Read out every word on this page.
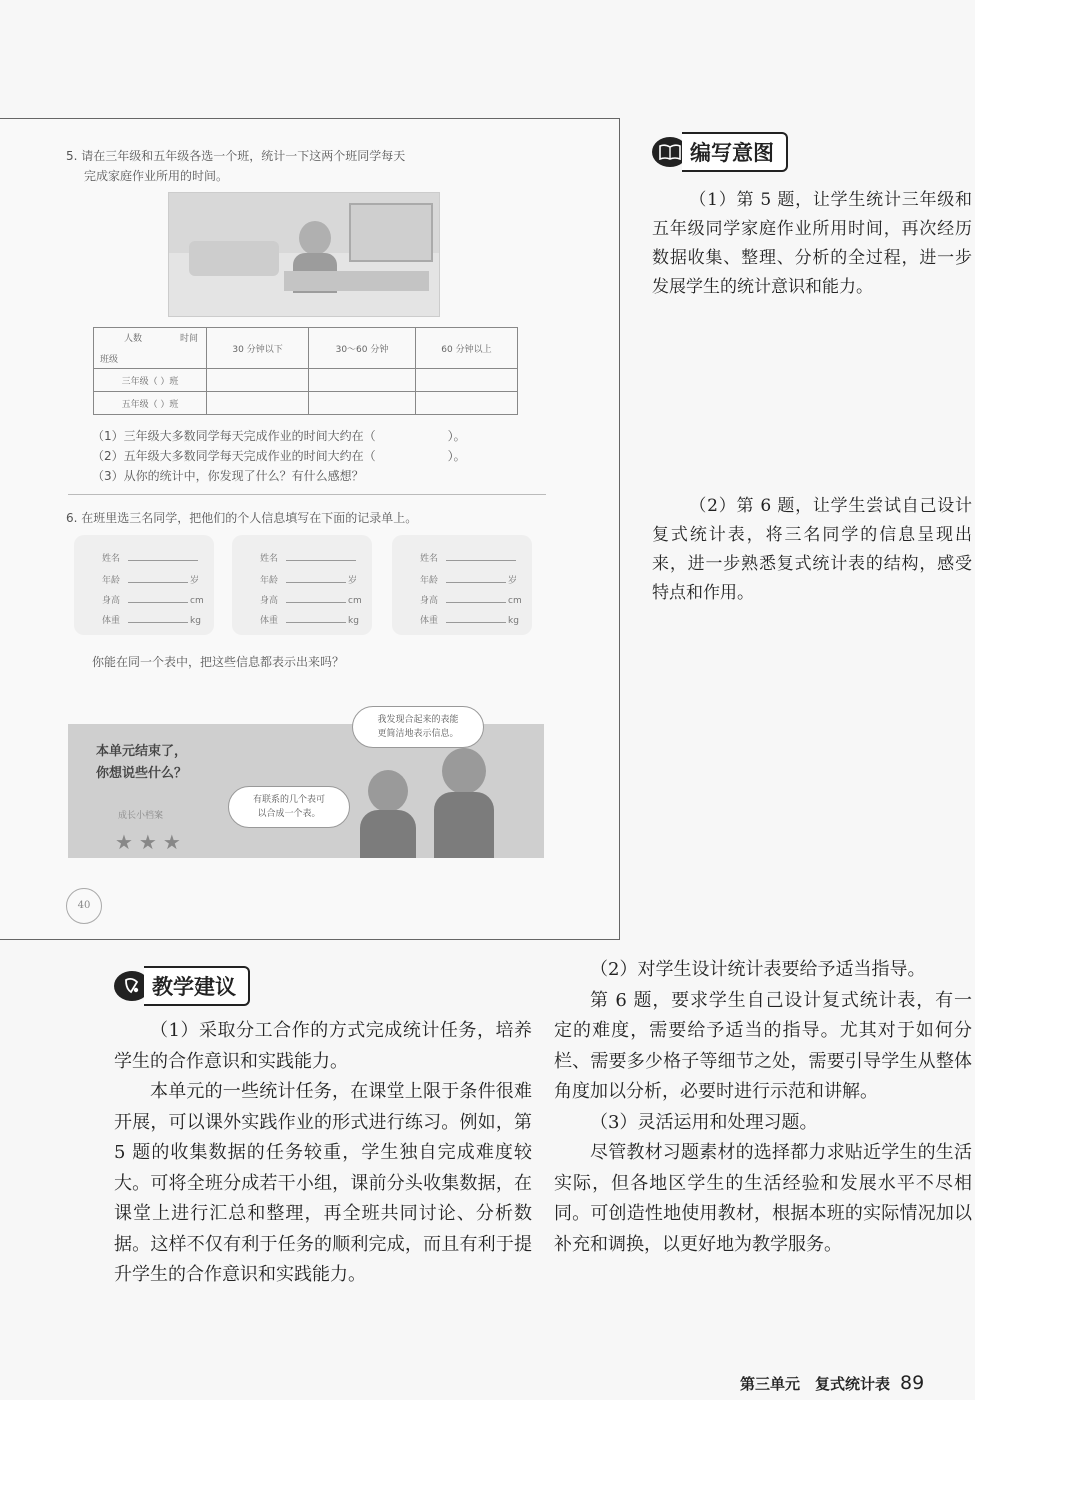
5. 请在三年级和五年级各选一个班，统计一下这两个班同学每天
完成家庭作业所用的时间。
人数 时间
班级	30 分钟以下	30～60 分钟	60 分钟以上
三年级（ ）班			
五年级（ ）班			
（1）三年级大多数同学每天完成作业的时间大约在（　　　　　　）。
（2）五年级大多数同学每天完成作业的时间大约在（　　　　　　）。
（3）从你的统计中，你发现了什么？有什么感想？
6. 在班里选三名同学，把他们的个人信息填写在下面的记录单上。
姓名
年龄	岁
身高	cm
体重	kg
姓名
年龄	岁
身高	cm
体重	kg
姓名
年龄	岁
身高	cm
体重	kg
你能在同一个表中，把这些信息都表示出来吗？
本单元结束了，
你想说些什么？
成长小档案
★★★
我发现合起来的表能
更简洁地表示信息。
有联系的几个表可
以合成一个表。
40
编写意图
（1）第 5 题，让学生统计三年级和五年级同学家庭作业所用时间，再次经历数据收集、整理、分析的全过程，进一步发展学生的统计意识和能力。
（2）第 6 题，让学生尝试自己设计复式统计表，将三名同学的信息呈现出来，进一步熟悉复式统计表的结构，感受特点和作用。
教学建议

（1）采取分工合作的方式完成统计任务，培养学生的合作意识和实践能力。

本单元的一些统计任务，在课堂上限于条件很难开展，可以课外实践作业的形式进行练习。例如，第 5 题的收集数据的任务较重，学生独自完成难度较大。可将全班分成若干小组，课前分头收集数据，在课堂上进行汇总和整理，再全班共同讨论、分析数据。这样不仅有利于任务的顺利完成，而且有利于提升学生的合作意识和实践能力。

（2）对学生设计统计表要给予适当指导。

第 6 题，要求学生自己设计复式统计表，有一定的难度，需要给予适当的指导。尤其对于如何分栏、需要多少格子等细节之处，需要引导学生从整体角度加以分析，必要时进行示范和讲解。

（3）灵活运用和处理习题。

尽管教材习题素材的选择都力求贴近学生的生活实际，但各地区学生的生活经验和发展水平不尽相同。可创造性地使用教材，根据本班的实际情况加以补充和调换，以更好地为教学服务。

第三单元　复式统计表 89
